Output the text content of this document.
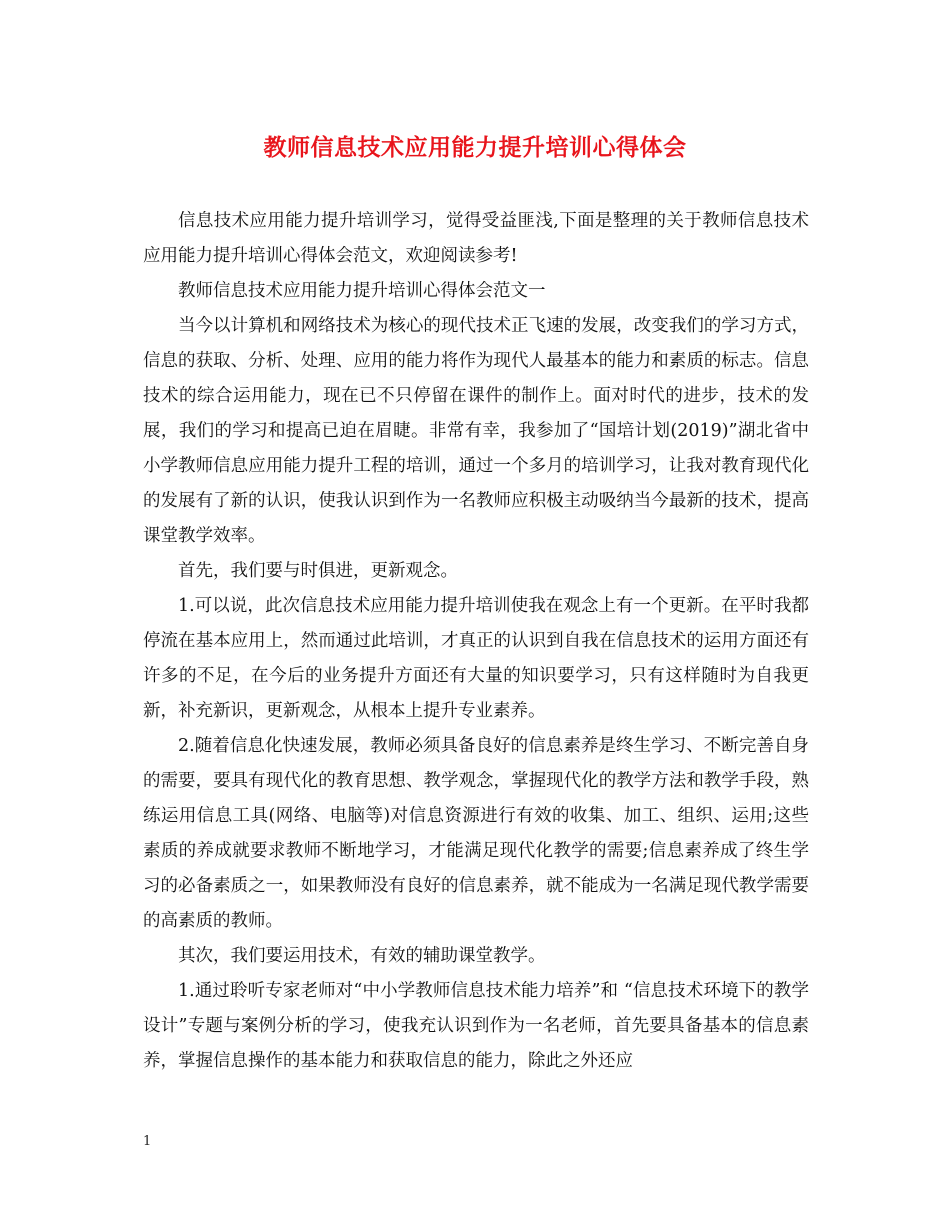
教师信息技术应用能力提升培训心得体会

信息技术应用能力提升培训学习，觉得受益匪浅,下面是整理的关于教师信息技术应用能力提升培训心得体会范文，欢迎阅读参考!

教师信息技术应用能力提升培训心得体会范文一

当今以计算机和网络技术为核心的现代技术正飞速的发展，改变我们的学习方式，信息的获取、分析、处理、应用的能力将作为现代人最基本的能力和素质的标志。信息技术的综合运用能力，现在已不只停留在课件的制作上。面对时代的进步，技术的发展，我们的学习和提高已迫在眉睫。非常有幸，我参加了“国培计划(2019)”湖北省中小学教师信息应用能力提升工程的培训，通过一个多月的培训学习，让我对教育现代化的发展有了新的认识，使我认识到作为一名教师应积极主动吸纳当今最新的技术，提高课堂教学效率。

首先，我们要与时俱进，更新观念。

1.可以说，此次信息技术应用能力提升培训使我在观念上有一个更新。在平时我都停流在基本应用上，然而通过此培训，才真正的认识到自我在信息技术的运用方面还有许多的不足，在今后的业务提升方面还有大量的知识要学习，只有这样随时为自我更新，补充新识，更新观念，从根本上提升专业素养。

2.随着信息化快速发展，教师必须具备良好的信息素养是终生学习、不断完善自身的需要，要具有现代化的教育思想、教学观念，掌握现代化的教学方法和教学手段，熟练运用信息工具(网络、电脑等)对信息资源进行有效的收集、加工、组织、运用;这些素质的养成就要求教师不断地学习，才能满足现代化教学的需要;信息素养成了终生学习的必备素质之一，如果教师没有良好的信息素养，就不能成为一名满足现代教学需要的高素质的教师。

其次，我们要运用技术，有效的辅助课堂教学。

1.通过聆听专家老师对“中小学教师信息技术能力培养”和 “信息技术环境下的教学设计”专题与案例分析的学习，使我充认识到作为一名老师，首先要具备基本的信息素养，掌握信息操作的基本能力和获取信息的能力，除此之外还应

1
